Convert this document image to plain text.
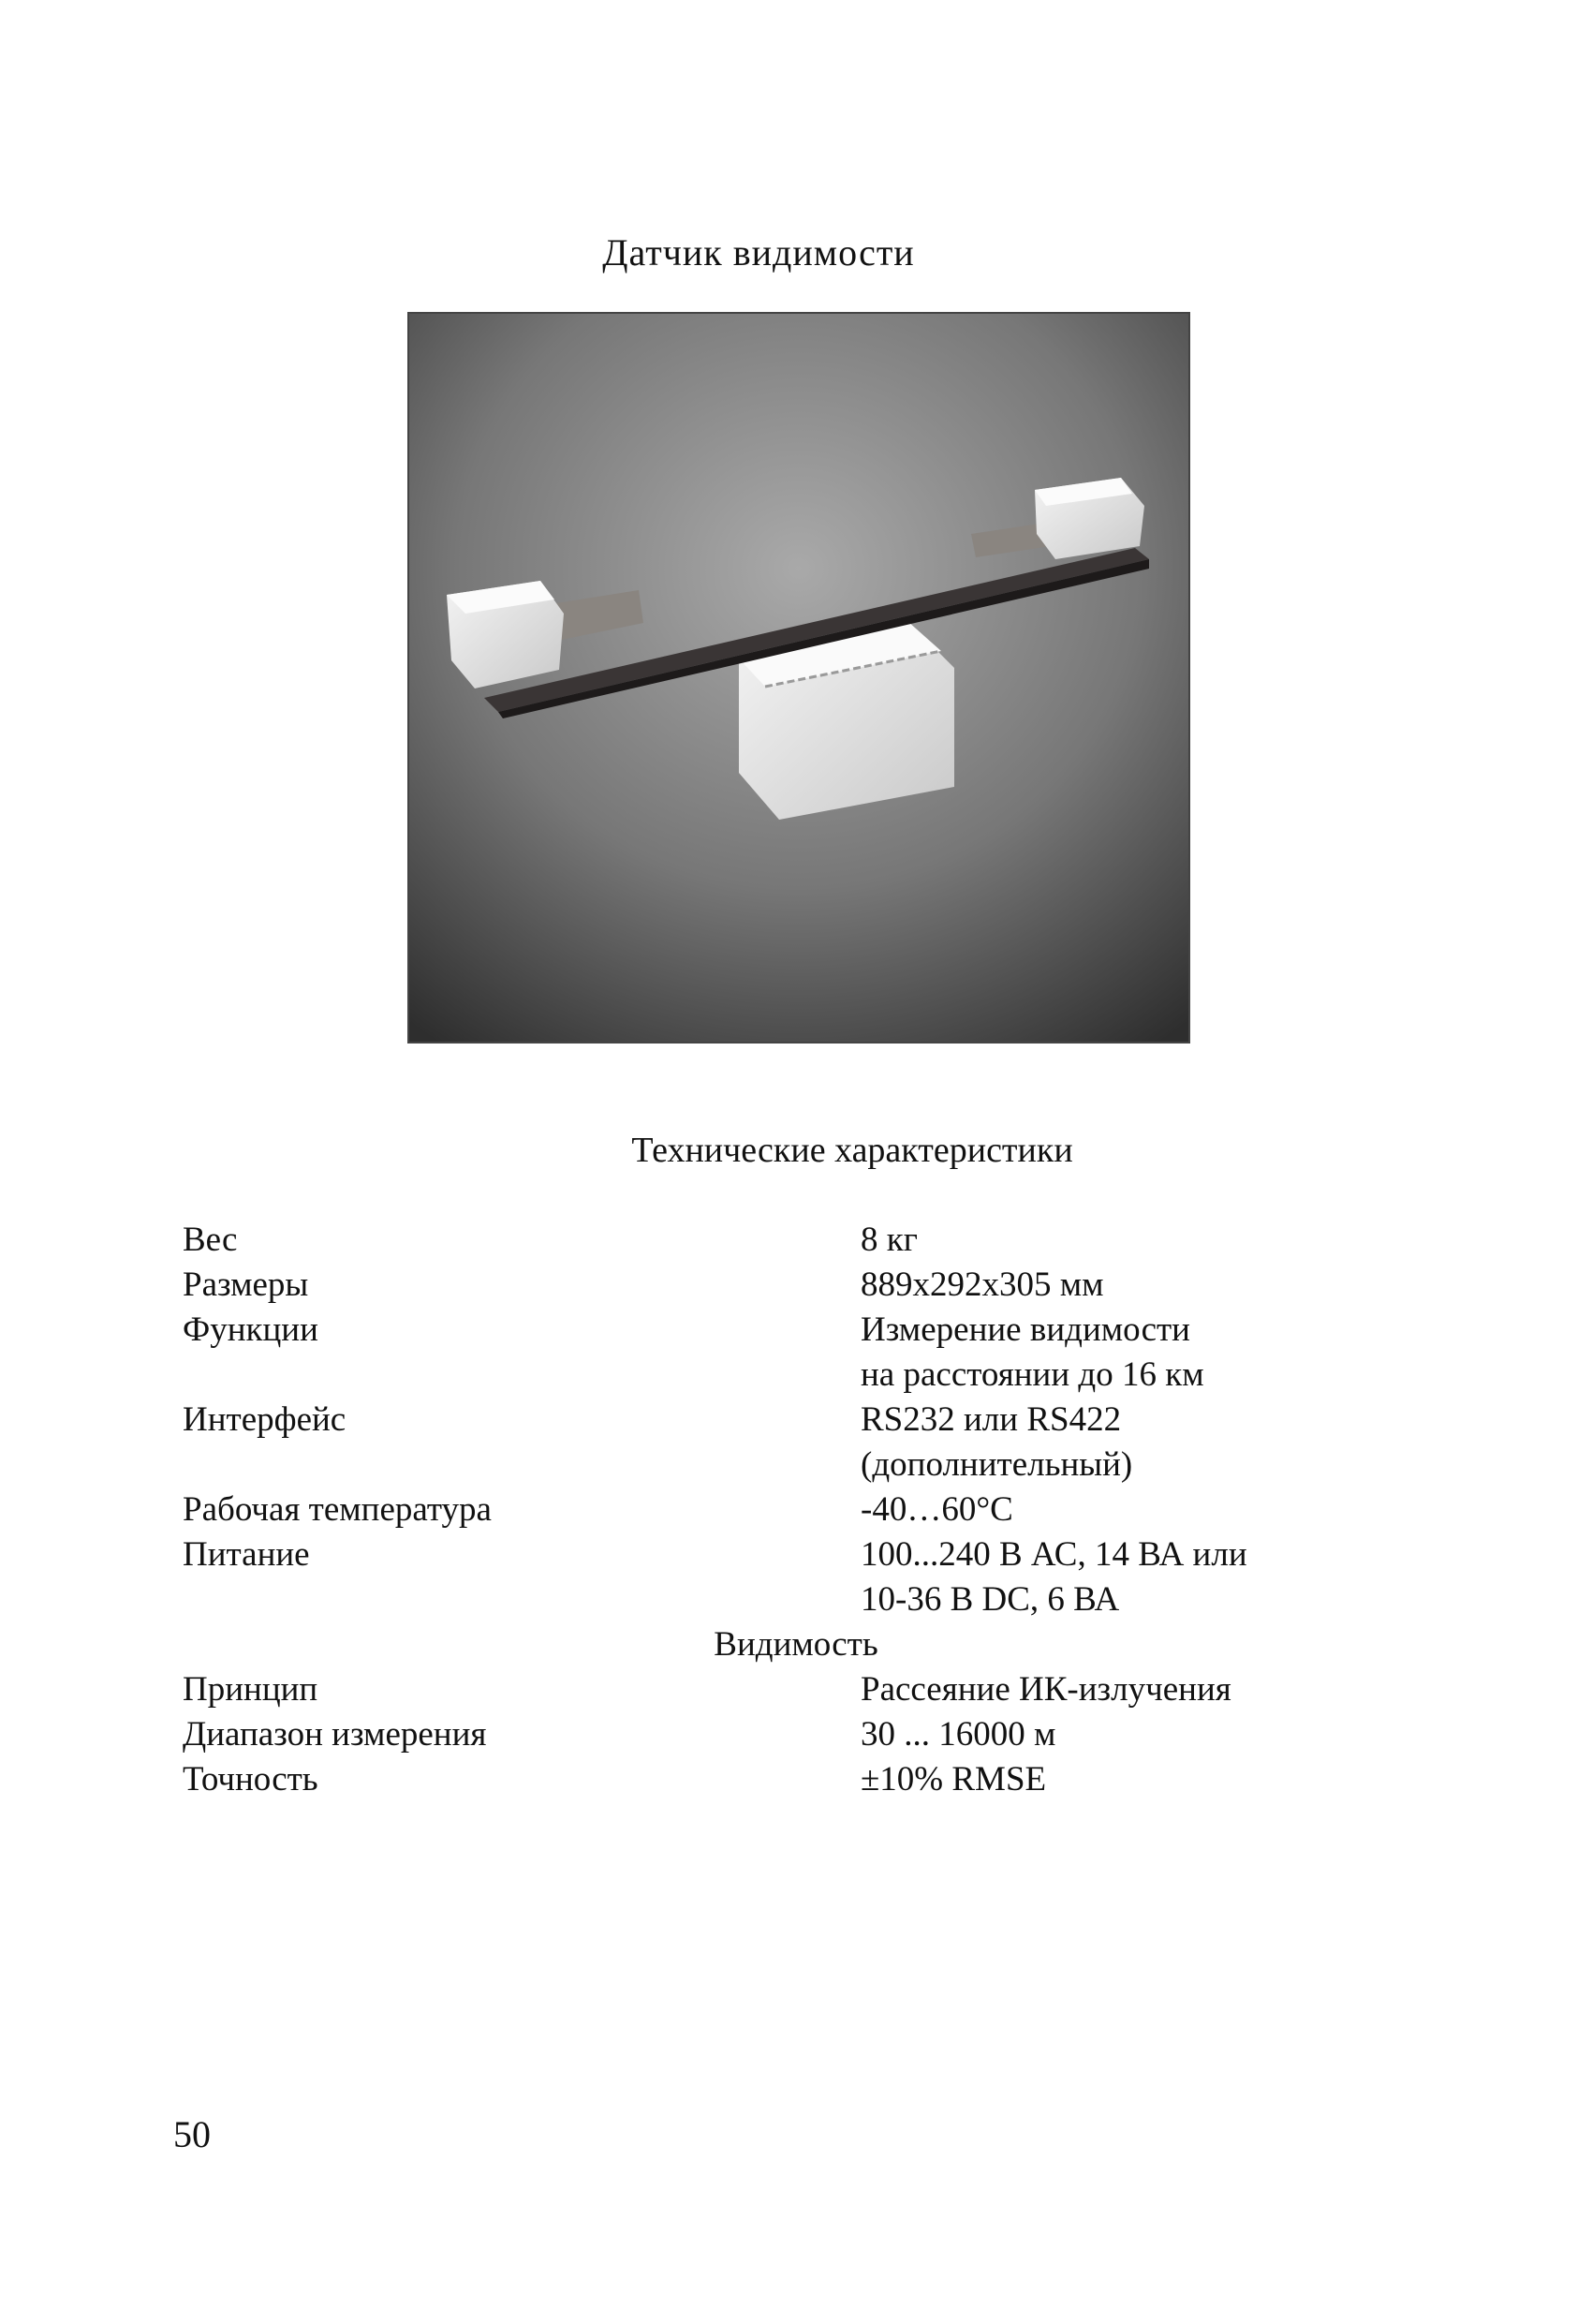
Датчик видимости
Технические характеристики
Вес	8 кг
Размеры	889x292x305 мм
Функции	Измерение видимости
на расстоянии до 16 км
Интерфейс	RS232 или RS422
(дополнительный)
Рабочая температура	-40…60°С
Питание	100...240 В АС, 14 ВА или
10-36 В DC, 6 ВА
Видимость
Принцип	Рассеяние ИК-излучения
Диапазон измерения	30 ... 16000 м
Точность	±10% RMSE
50
